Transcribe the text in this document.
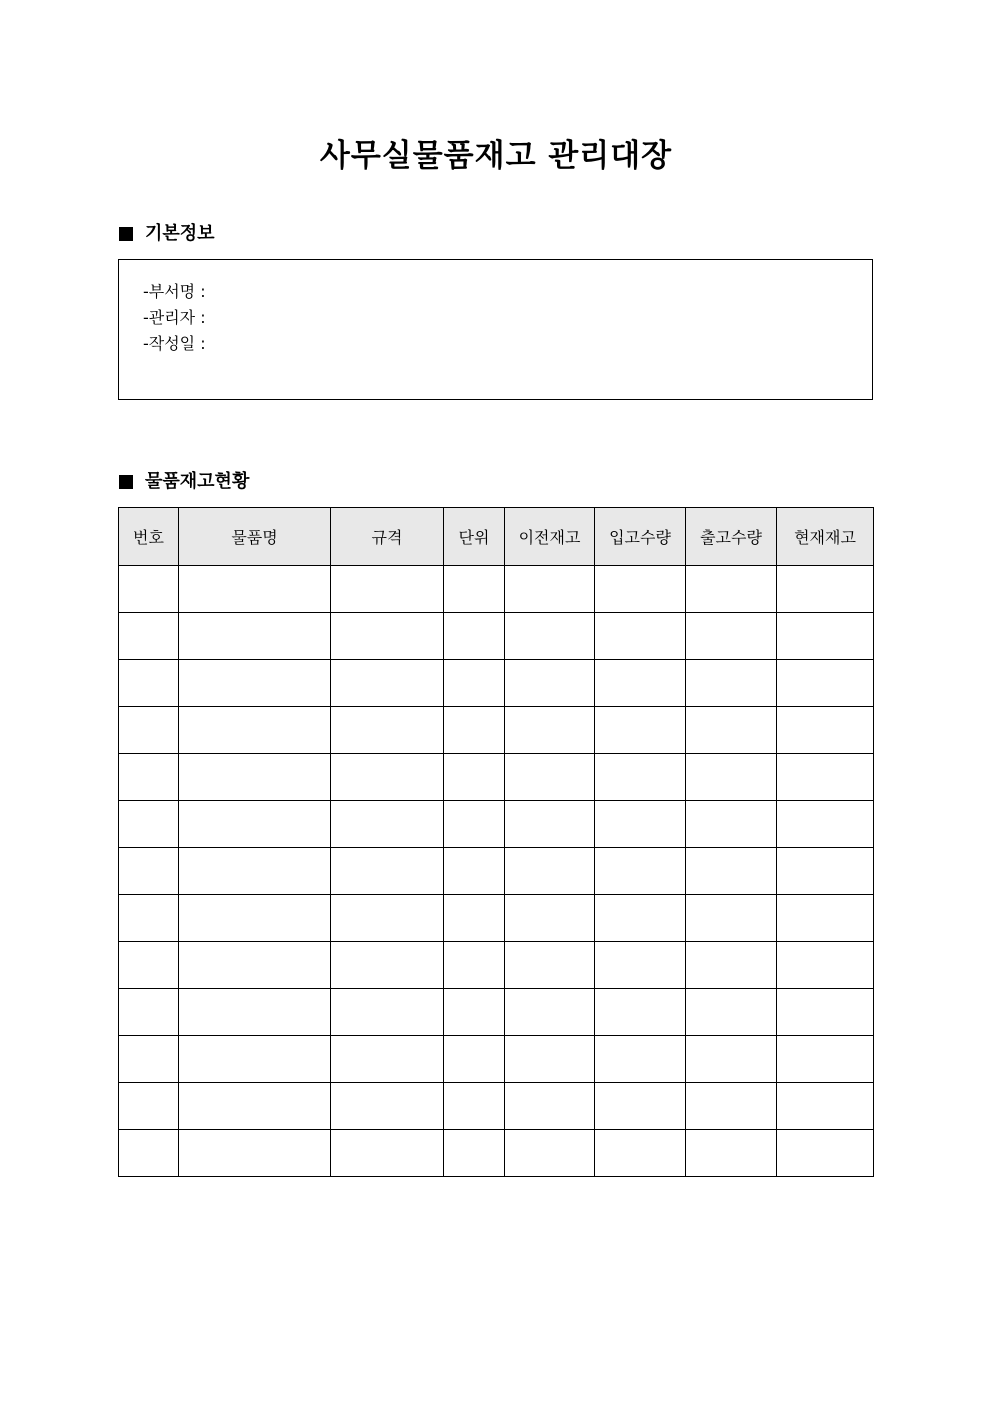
사무실물품재고 관리대장
기본정보
-부서명 :
-관리자 :
-작성일 :
물품재고현황
번호	물품명	규격	단위	이전재고	입고수량	출고수량	현재재고
